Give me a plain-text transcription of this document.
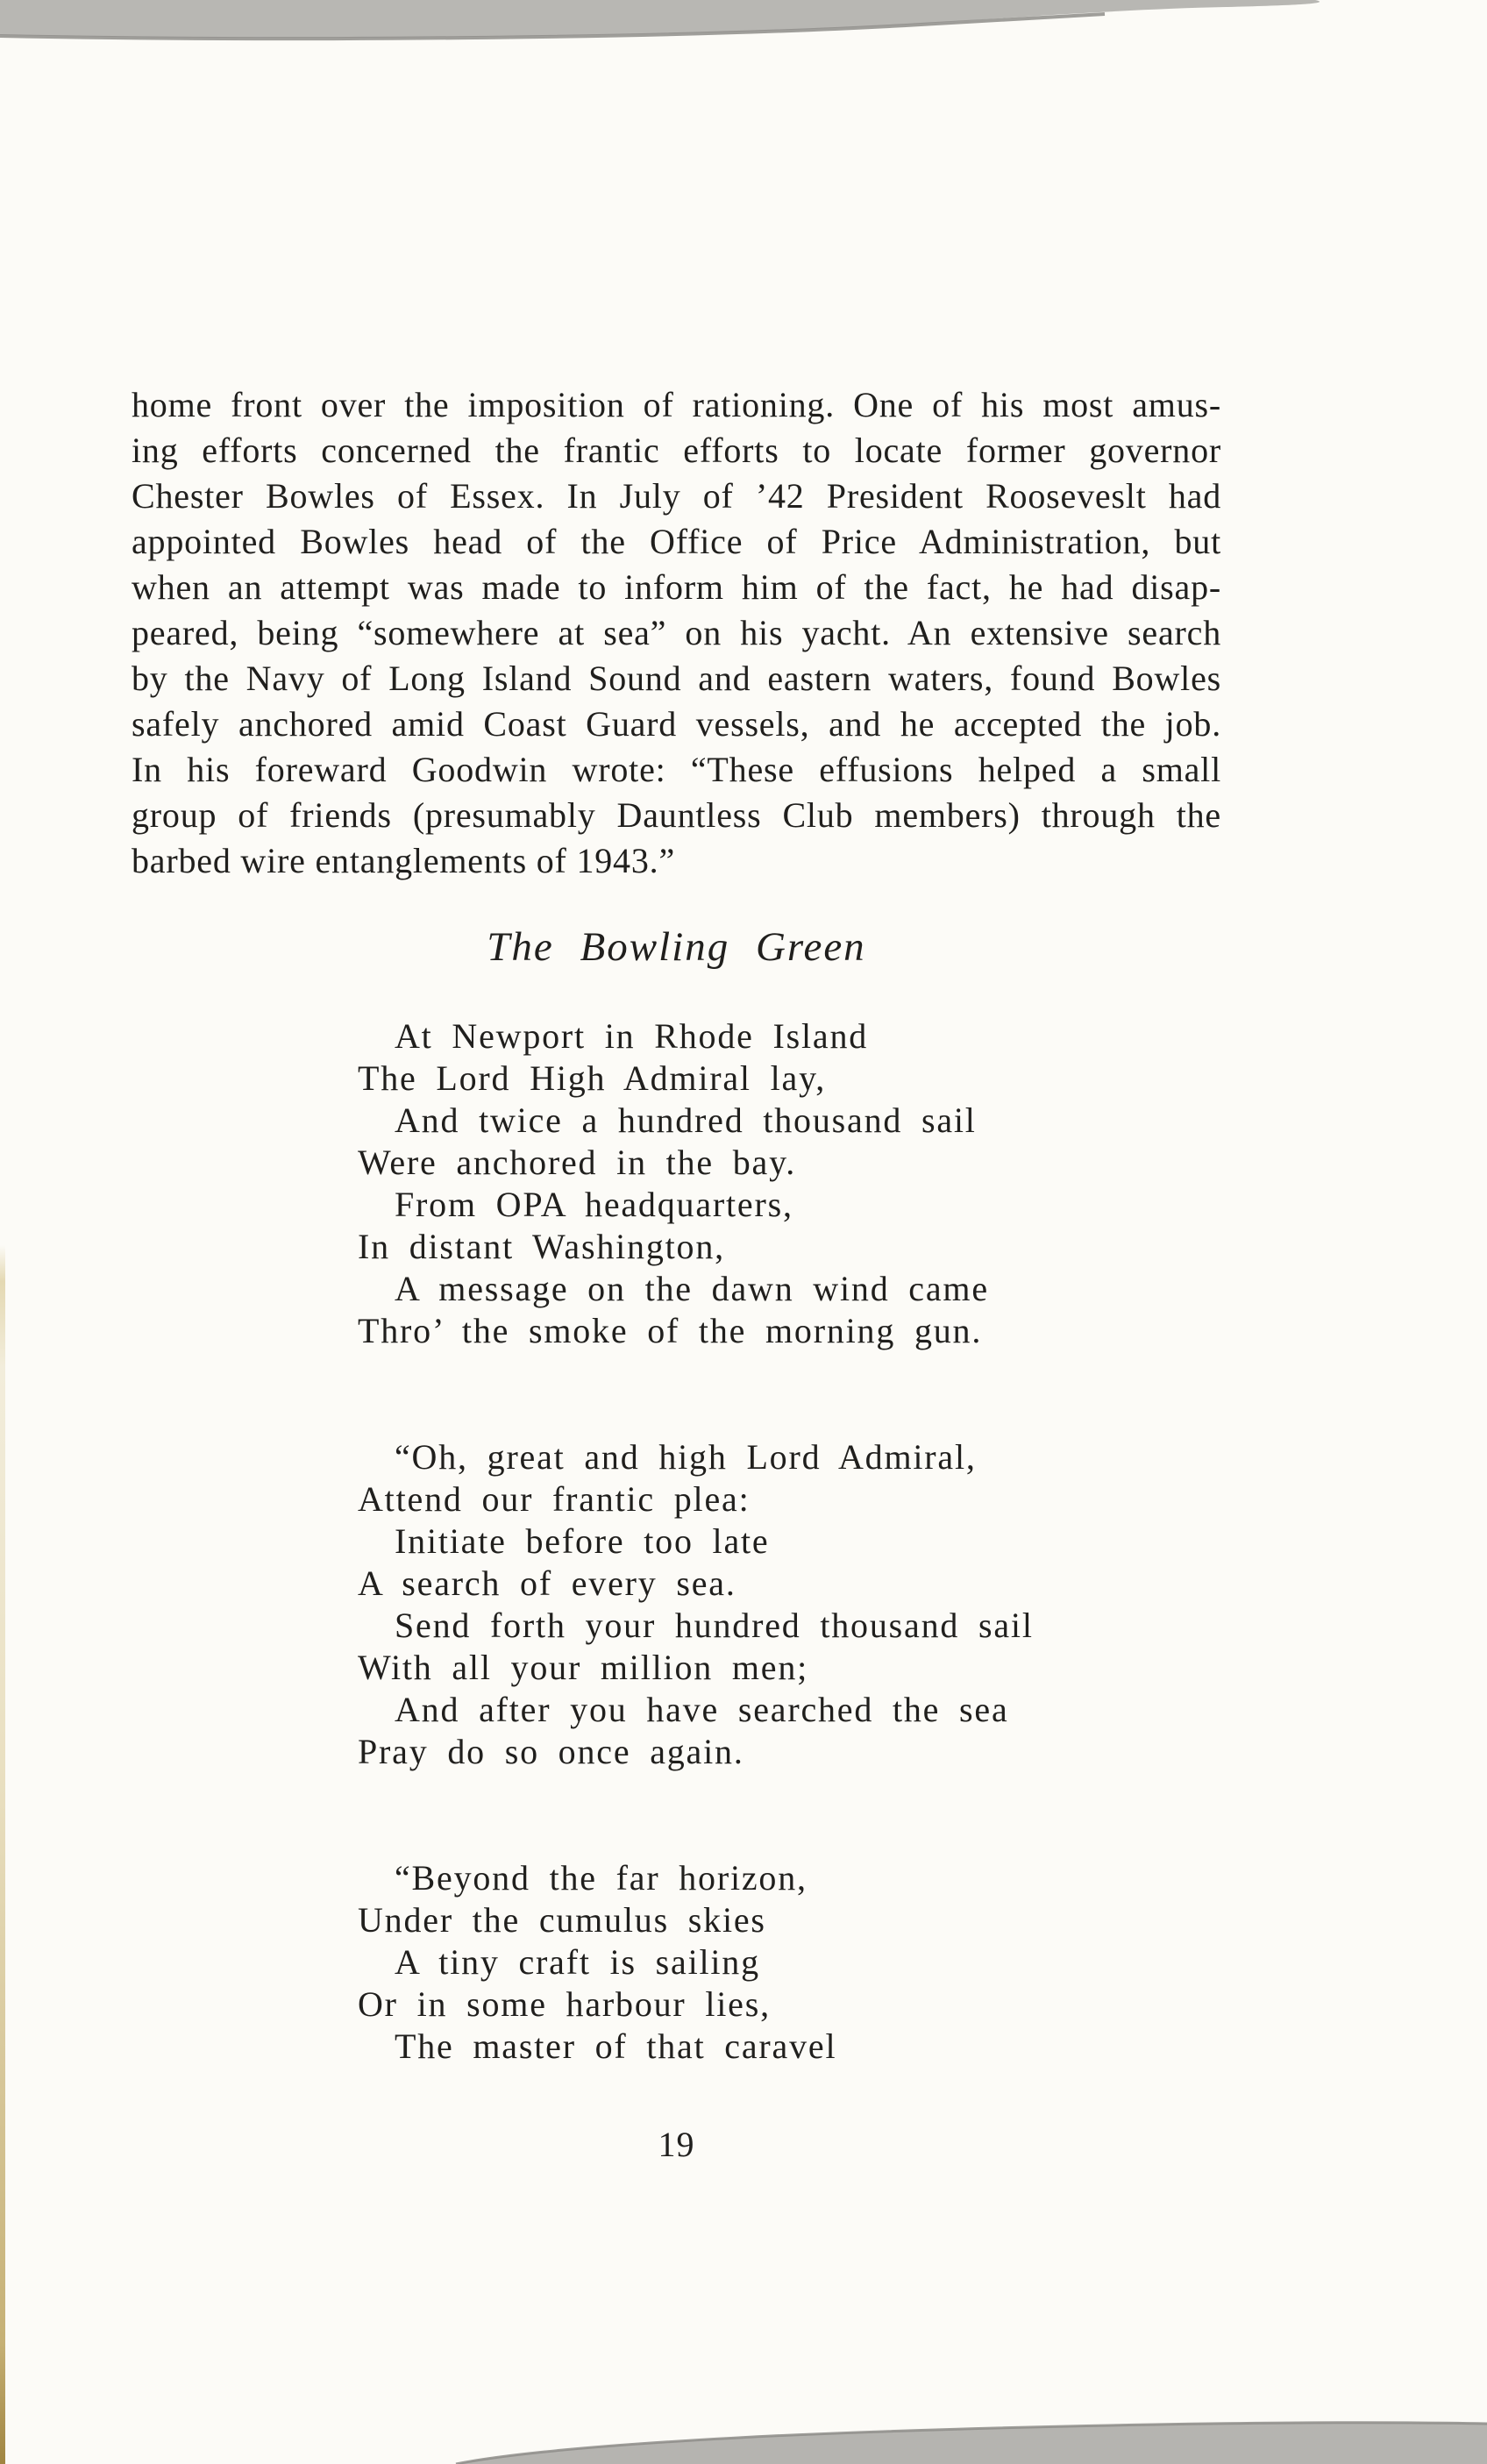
home front over the imposition of rationing. One of his most amus-
ing efforts concerned the frantic efforts to locate former governor
Chester Bowles of Essex. In July of ’42 President Rooseveslt had
appointed Bowles head of the Office of Price Administration, but
when an attempt was made to inform him of the fact, he had disap-
peared, being “somewhere at sea” on his yacht. An extensive search
by the Navy of Long Island Sound and eastern waters, found Bowles
safely anchored amid Coast Guard vessels, and he accepted the job.
In his foreward Goodwin wrote: “These effusions helped a small
group of friends (presumably Dauntless Club members) through the
barbed wire entanglements of 1943.”
The Bowling Green
At Newport in Rhode Island
The Lord High Admiral lay,
And twice a hundred thousand sail
Were anchored in the bay.
From OPA headquarters,
In distant Washington,
A message on the dawn wind came
Thro’ the smoke of the morning gun.
“Oh, great and high Lord Admiral,
Attend our frantic plea:
Initiate before too late
A search of every sea.
Send forth your hundred thousand sail
With all your million men;
And after you have searched the sea
Pray do so once again.
“Beyond the far horizon,
Under the cumulus skies
A tiny craft is sailing
Or in some harbour lies,
The master of that caravel
19
